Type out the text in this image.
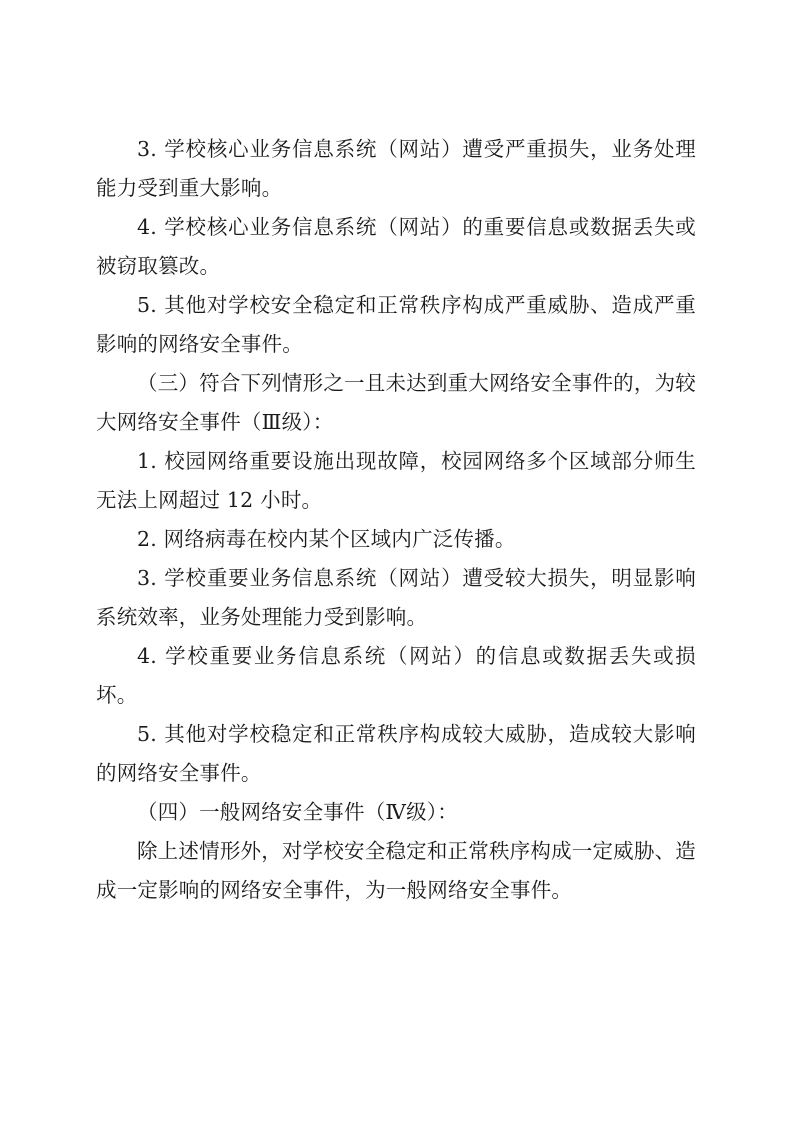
3. 学校核心业务信息系统（网站）遭受严重损失，业务处理能力受到重大影响。

4. 学校核心业务信息系统（网站）的重要信息或数据丢失或被窃取篡改。

5. 其他对学校安全稳定和正常秩序构成严重威胁、造成严重影响的网络安全事件。

（三）符合下列情形之一且未达到重大网络安全事件的，为较大网络安全事件（Ⅲ级）：

1. 校园网络重要设施出现故障，校园网络多个区域部分师生无法上网超过 12 小时。

2. 网络病毒在校内某个区域内广泛传播。

3. 学校重要业务信息系统（网站）遭受较大损失，明显影响系统效率，业务处理能力受到影响。

4. 学校重要业务信息系统（网站）的信息或数据丢失或损坏。

5. 其他对学校稳定和正常秩序构成较大威胁，造成较大影响的网络安全事件。

（四）一般网络安全事件（Ⅳ级）：

除上述情形外，对学校安全稳定和正常秩序构成一定威胁、造成一定影响的网络安全事件，为一般网络安全事件。
